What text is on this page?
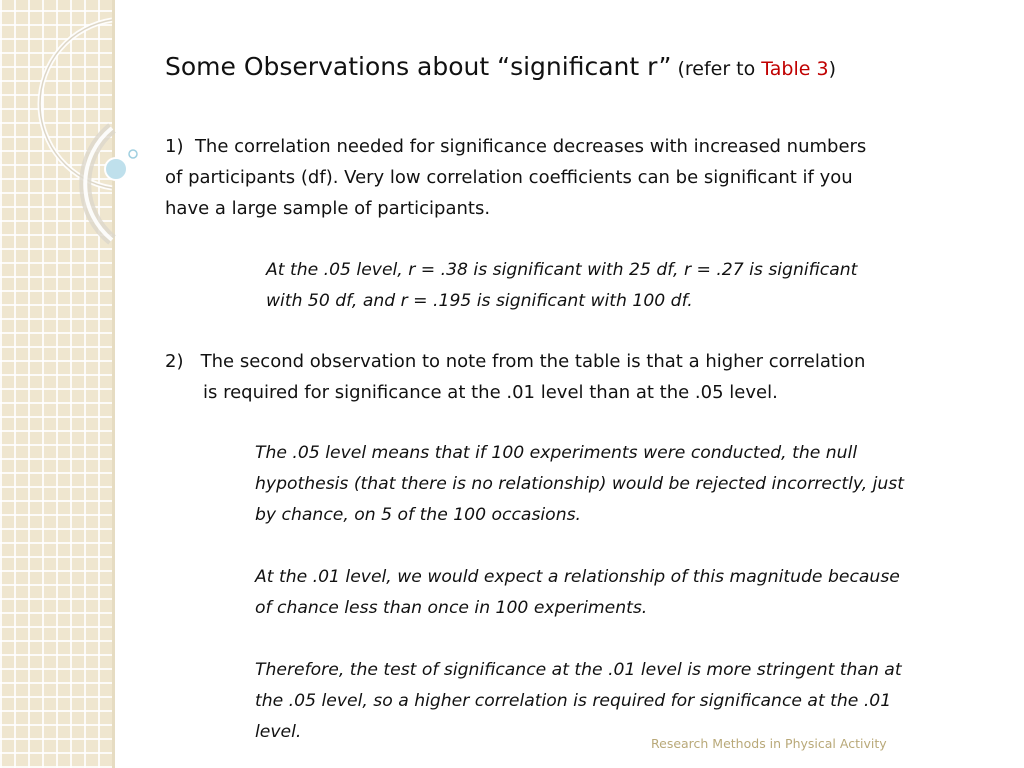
Some Observations about “significant r” (refer to Table 3)
1) The correlation needed for significance decreases with increased numbers
of participants (df). Very low correlation coefficients can be significant if you
have a large sample of participants.
At the .05 level, r = .38 is significant with 25 df, r = .27 is significant
with 50 df, and r = .195 is significant with 100 df.
2) The second observation to note from the table is that a higher correlation
is required for significance at the .01 level than at the .05 level.
The .05 level means that if 100 experiments were conducted, the null
hypothesis (that there is no relationship) would be rejected incorrectly, just
by chance, on 5 of the 100 occasions.
At the .01 level, we would expect a relationship of this magnitude because
of chance less than once in 100 experiments.
Therefore, the test of significance at the .01 level is more stringent than at
the .05 level, so a higher correlation is required for significance at the .01
level.
Research Methods in Physical Activity
